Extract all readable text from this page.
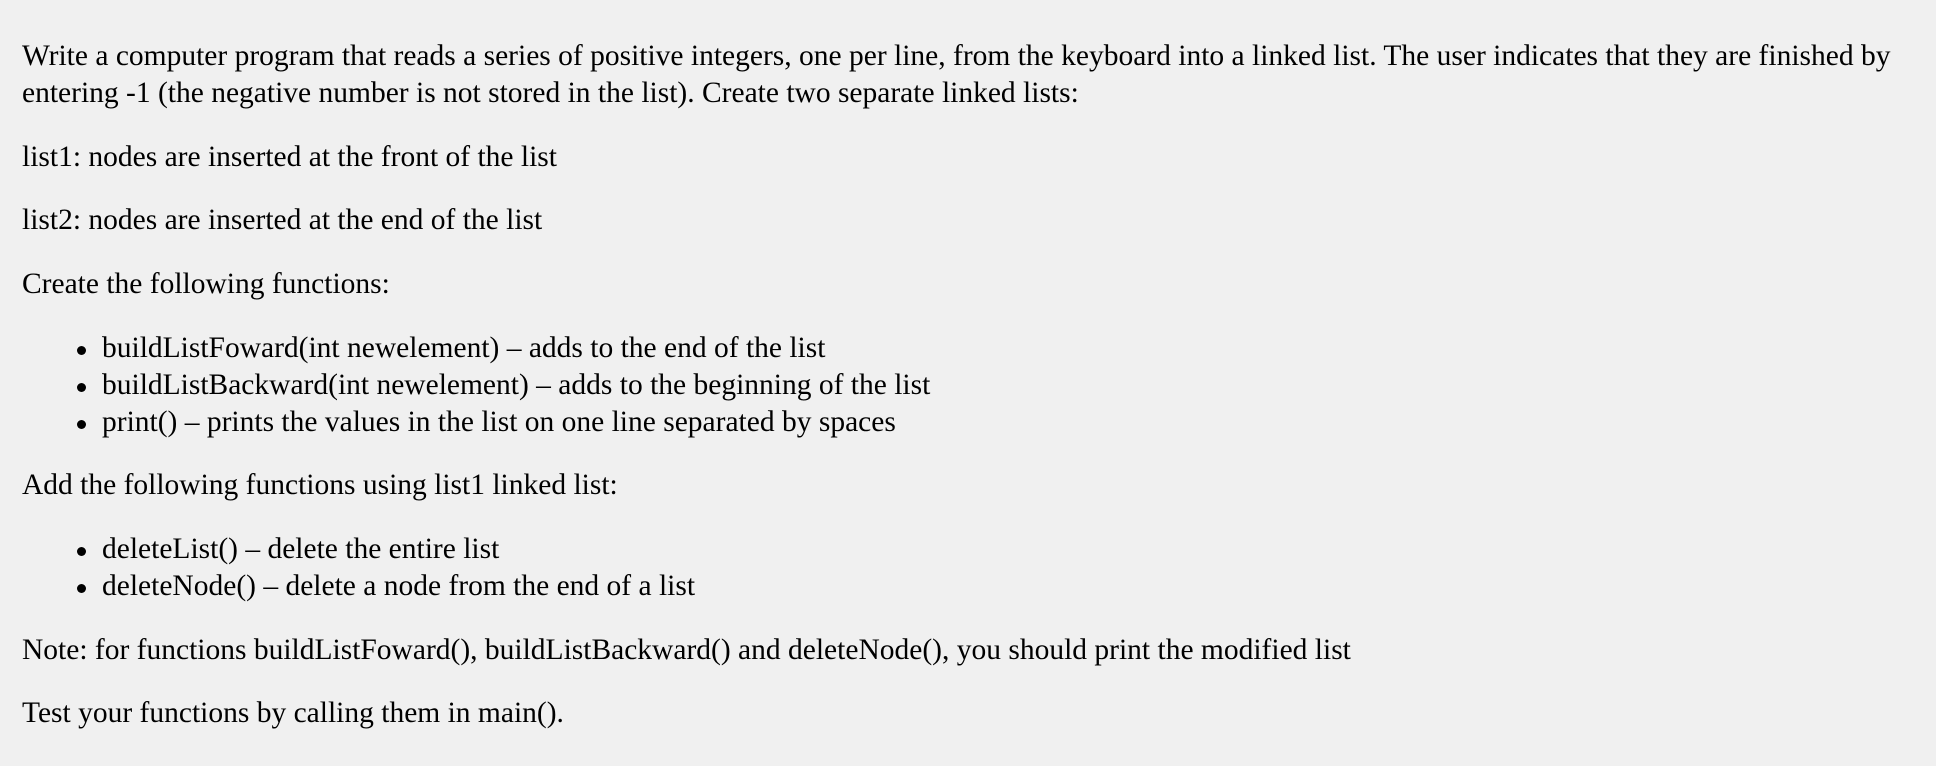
Write a computer program that reads a series of positive integers, one per line, from the keyboard into a linked list. The user indicates that they are finished by entering -1 (the negative number is not stored in the list). Create two separate linked lists:

list1: nodes are inserted at the front of the list

list2: nodes are inserted at the end of the list

Create the following functions:

buildListFoward(int newelement) – adds to the end of the list
buildListBackward(int newelement) – adds to the beginning of the list
print() – prints the values in the list on one line separated by spaces

Add the following functions using list1 linked list:

deleteList() – delete the entire list
deleteNode() – delete a node from the end of a list

Note: for functions buildListFoward(), buildListBackward() and deleteNode(), you should print the modified list

Test your functions by calling them in main().
